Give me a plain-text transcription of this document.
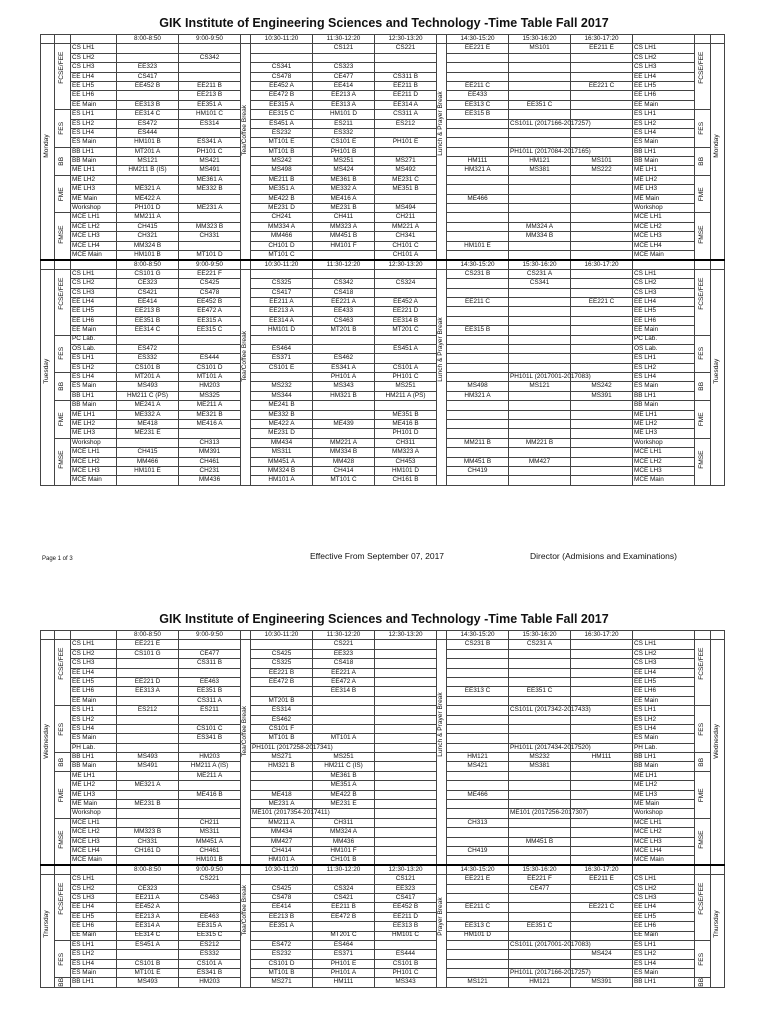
GIK Institute of Engineering Sciences and Technology -Time Table Fall 2017
			8:00-8:50	9:00-9:50		10:30-11:20	11:30-12:20	12:30-13:20		14:30-15:20	15:30-16:20	16:30-17:20			

Monday	FCSE/FEE	CS LH1			Tea/Coffee Break		CS121	CS221	Lunch & Prayer Break	EE221 E	MS101	EE211 E	CS LH1	FCSE/FEE	Monday

		CS LH2		CS342									CS LH2		
		CS LH3	EE323			CS341	CS323						CS LH3		
		EE LH4	CS417			CS478	CE477	CS311 B					EE LH4		
		EE LH5	EE452 B	EE211 B		EE452 A	EE414	EE211 B		EE211 C		EE221 C	EE LH5		
		EE LH6		EE213 B		EE472 B	EE213 A	EE211 D		EE433			EE LH6		
		EE Main	EE313 B	EE351 A		EE315 A	EE313 A	EE314 A		EE313 C	EE351 C		EE Main		

	FES	ES LH1	EE314 C	HM101 C		EE315 C	HM101 D	CS311 A		EE315 B			ES LH1	FES	

		ES LH2	ES472	ES314		ES451 A	ES211	ES212			CS101L (2017166-2017257)		ES LH2		
		ES LH4	ES444			ES232	ES332						ES LH4		
		ES Main	HM101 B	ES341 A		MT101 E	CS101 E	PH101 E					ES Main		

	BB	BB LH1	MT201 A	PH101 C		MT101 B	PH101 B				PH101L (2017084-2017165)		BB LH1	BB	

		BB Main	MS121	MS421		MS242	MS251	MS271		HM111	HM121	MS101	BB Main		
		ME LH1	HM211 B (IS)	MS491		MS498	MS424	MS492		HM321 A	MS381	MS222	ME LH1		

	FME	ME LH2		ME361 A		ME211 B	ME361 B	ME231 C					ME LH2	FME	

		ME LH3	ME321 A	ME332 B		ME351 A	ME332 A	ME351 B					ME LH3		
		ME Main	ME422 A			ME422 B	ME416 A			ME466			ME Main		
		Workshop	PH101 D	ME231 A		ME231 D	ME231 B	MS494					Workshop		

	FMSE	MCE LH1	MM211 A			CH241	CH411	CH211					MCE LH1	FMSE	

		MCE LH2	CH415	MM323 B		MM334 A	MM323 A	MM221 A			MM324 A		MCE LH2		
		MCE LH3	CH321	CH331		MM466	MM451 B	CH341			MM334 B		MCE LH3		
		MCE LH4	MM324 B			CH101 D	HM101 F	CH101 C		HM101 E			MCE LH4		
		MCE Main	HM101 B	MT101 D		MT101 C		CH101 A					MCE Main		
			8:00-8:50	9:00-9:50		10:30-11:20	11:30-12:20	12:30-13:20		14:30-15:20	15:30-16:20	16:30-17:20			

Tuesday	FCSE/FEE	CS LH1	CS101 G	EE221 F	Tea/Coffee Break				Lunch & Prayer Break	CS231 B	CS231 A		CS LH1	FCSE/FEE	Tuesday

		CS LH2	CE323	CS425		CS325	CS342	CS324			CS341		CS LH2		
		CS LH3	CS421	CS478		CS417	CS418						CS LH3		
		EE LH4	EE414	EE452 B		EE211 A	EE221 A	EE452 A		EE211 C		EE221 C	EE LH4		
		EE LH5	EE213 B	EE472 A		EE213 A	EE433	EE221 D					EE LH5		
		EE LH6	EE351 B	EE315 A		EE314 A	CS463	EE314 B					EE LH6		
		EE Main	EE314 C	EE315 C		HM101 D	MT201 B	MT201 C		EE315 B			EE Main		

	FES	PC Lab.											PC Lab.	FES	

		OS Lab.	ES472			ES464		ES451 A					OS Lab.		
		ES LH1	ES332	ES444		ES371	ES462						ES LH1		
		ES LH2	CS101 B	CS101 D		CS101 E	ES341 A	CS101 A					ES LH2		

	BB	ES LH4	MT201 A	MT101 A			PH101 A	PH101 C			PH101L (2017001-2017083)		ES LH4	BB	

		ES Main	MS493	HM203		MS232	MS343	MS251		MS498	MS121	MS242	ES Main		
		BB LH1	HM211 C (PS)	MS325		MS344	HM321 B	HM211 A (PS)		HM321 A		MS391	BB LH1		

	FME	BB Main	ME241 A	ME211 A		ME241 B							BB Main	FME	

		ME LH1	ME332 A	ME321 B		ME332 B		ME351 B					ME LH1		
		ME LH2	ME418	ME416 A		ME422 A	ME439	ME416 B					ME LH2		
		ME LH3	ME231 E			ME231 D		PH101 D					ME LH3		

	FMSE	Workshop		CH313		MM434	MM221 A	CH311		MM211 B	MM221 B		Workshop	FMSE	

		MCE LH1	CH415	MM391		MS311	MM334 B	MM323 A					MCE LH1		
		MCE LH2	MM466	CH461		MM451 A	MM428	CH453		MM451 B	MM427		MCE LH2		
		MCE LH3	HM101 E	CH231		MM324 B	CH414	HM101 D		CH419			MCE LH3		
		MCE Main		MM436		HM101 A	MT101 C	CH161 B					MCE Main		
Page 1 of 3	Effective From September 07, 2017	Director (Admisions and Examinations)
GIK Institute of Engineering Sciences and Technology -Time Table Fall 2017
			8:00-8:50	9:00-9:50		10:30-11:20	11:30-12:20	12:30-13:20		14:30-15:20	15:30-16:20	16:30-17:20			

Wednesday	FCSE/FEE	CS LH1	EE221 E		Tea/Coffee Break		CS221		Lunch & Prayer Break	CS231 B	CS231 A		CS LH1	FCSE/FEE	Wednesday

		CS LH2	CS101 G	CE477		CS425	EE323						CS LH2		
		CS LH3		CS311 B		CS325	CS418						CS LH3		
		EE LH4				EE221 B	EE221 A						EE LH4		
		EE LH5	EE221 D	EE463		EE472 B	EE472 A						EE LH5		
		EE LH6	EE313 A	EE351 B			EE314 B			EE313 C	EE351 C		EE LH6		
		EE Main		CS311 A		MT201 B							EE Main		

	FES	ES LH1	ES212	ES211		ES314					CS101L (2017342-2017433)		ES LH1	FES	

		ES LH2				ES462							ES LH2		
		ES LH4		CS101 C		CS101 F							ES LH4		
		ES Main		ES341 B		MT101 B	MT101 A						ES Main		
		PH Lab.				PH101L (2017258-2017341)					PH101L (2017434-2017520)		PH Lab.		

	BB	BB LH1	MS493	HM203		MS271	MS251			HM121	MS232	HM111	BB LH1	BB	

		BB Main	MS491	HM211 A (IS)		HM321 B	HM211 C (IS)			MS421	MS381		BB Main		

	FME	ME LH1		ME211 A			ME361 B						ME LH1	FME	

		ME LH2	ME321 A				ME351 A						ME LH2		
		ME LH3		ME416 B		ME418	ME422 B			ME466			ME LH3		
		ME Main	ME231 B			ME231 A	ME231 E						ME Main		
		Workshop				ME101 (2017354-2017411)					ME101 (2017256-2017307)		Workshop		

	FMSE	MCE LH1		CH211		MM211 A	CH311			CH313			MCE LH1	FMSE	

		MCE LH2	MM323 B	MS311		MM434	MM324 A						MCE LH2		
		MCE LH3	CH331	MM451 A		MM427	MM436				MM451 B		MCE LH3		
		MCE LH4	CH161 D	CH461		CH414	HM101 F			CH419			MCE LH4		
		MCE Main		HM101 B		HM101 A	CH101 B						MCE Main		
			8:00-8:50	9:00-9:50		10:30-11:20	11:30-12:20	12:30-13:20		14:30-15:20	15:30-16:20	16:30-17:20			

Thursday	FCSE/FEE	CS LH1		CS221	Tea/Coffee Break			CS121	Prayer Break	EE221 E	EE221 F	EE211 E	CS LH1	FCSE/FEE	Thursday

		CS LH2	CE323			CS425	CS324	EE323			CE477		CS LH2		
		CS LH3	EE211 A	CS463		CS478	CS421	CS417					CS LH3		
		EE LH4	EE452 A			EE414	EE211 B	EE452 B		EE211 C		EE221 C	EE LH4		
		EE LH5	EE213 A	EE463		EE213 B	EE472 B	EE211 D					EE LH5		
		EE LH6	EE314 A	EE315 A		EE351 A		EE313 B		EE313 C	EE351 C		EE LH6		
		EE Main	EE314 C	EE315 C			MT201 C	HM101 C		HM101 D			EE Main		

	FES	ES LH1	ES451 A	ES212		ES472	ES464				CS101L (2017001-2017083)		ES LH1	FES	

		ES LH2		ES332		ES232	ES371	ES444				MS424	ES LH2		
		ES LH4	CS101 B	CS101 A		CS101 D	PH101 E	CS101 B					ES LH4		
		ES Main	MT101 E	ES341 B		MT101 B	PH101 A	PH101 C			PH101L (2017166-2017257)		ES Main		

	BB	BB LH1	MS493	HM203		MS271	HM111	MS343		MS121	HM121	MS391	BB LH1	BB	
